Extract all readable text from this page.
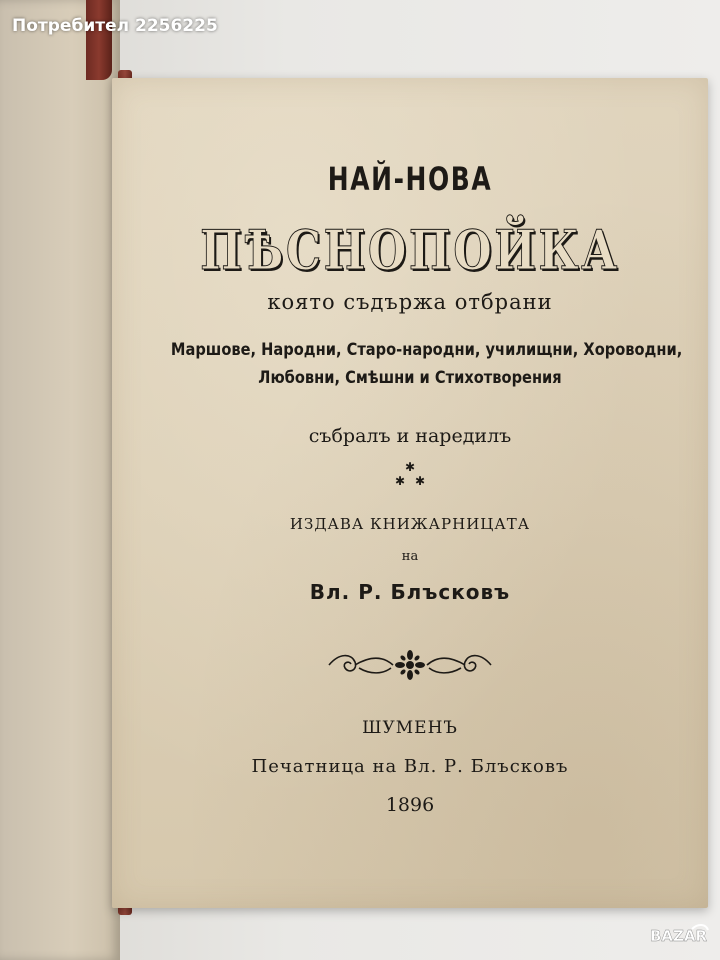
НАЙ-НОВА
ПѢСНОПОЙКА
която съдържа отбрани
Маршове, Народни, Старо-народни, училищни, Хороводни,
Любовни, Смѣшни и Стихотворения
събралъ и наредилъ
✱
✱ ✱
ИЗДАВА КНИЖАРНИЦАТА
на
Вл. Р. Блъсковъ
ШУМЕНЪ
Печатница на Вл. Р. Блъсковъ
1896
Потребител 2256225
BAZAR
